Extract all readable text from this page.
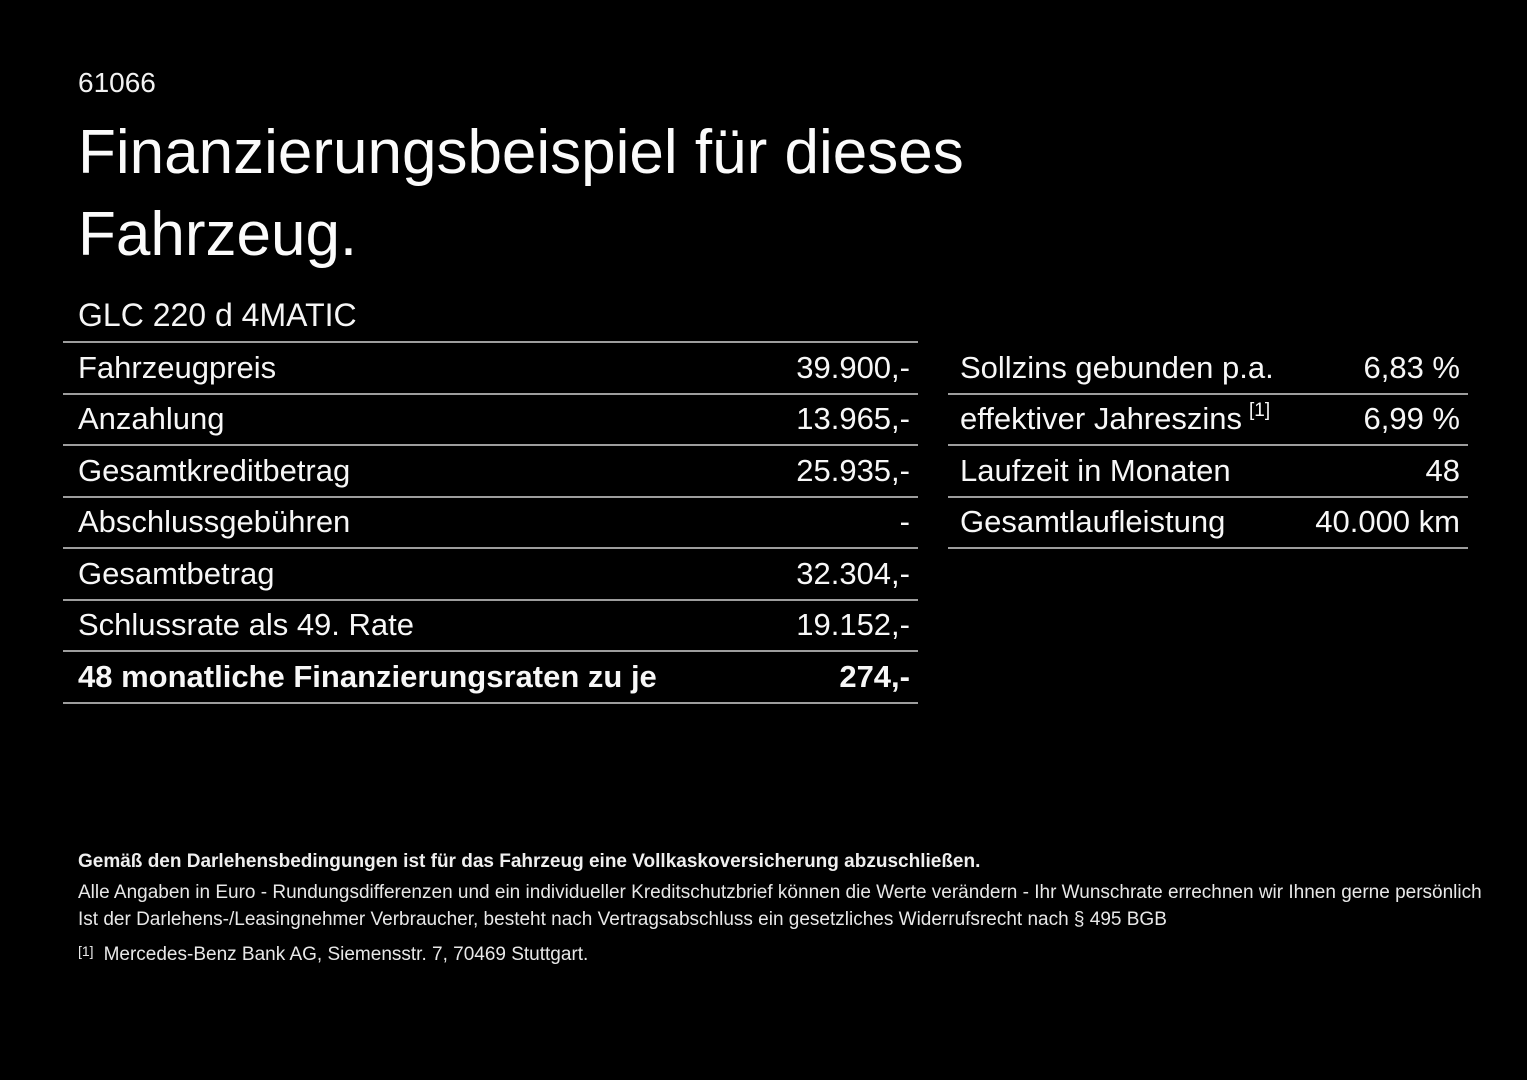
61066
Finanzierungsbeispiel für dieses
Fahrzeug.
GLC 220 d 4MATIC
Fahrzeugpreis	39.900,-
Anzahlung	13.965,-
Gesamtkreditbetrag	25.935,-
Abschlussgebühren	-
Gesamtbetrag	32.304,-
Schlussrate als 49. Rate	19.152,-
48 monatliche Finanzierungsraten zu je	274,-
Sollzins gebunden p.a.	6,83 %
effektiver Jahreszins [1]	6,99 %
Laufzeit in Monaten	48
Gesamtlaufleistung	40.000 km

Gemäß den Darlehensbedingungen ist für das Fahrzeug eine Vollkaskoversicherung abzuschließen.

Alle Angaben in Euro - Rundungsdifferenzen und ein individueller Kreditschutzbrief können die Werte verändern - Ihr Wunschrate errechnen wir Ihnen gerne persönlich

Ist der Darlehens-/Leasingnehmer Verbraucher, besteht nach Vertragsabschluss ein gesetzliches Widerrufsrecht nach § 495 BGB

[1] Mercedes-Benz Bank AG, Siemensstr. 7, 70469 Stuttgart.
